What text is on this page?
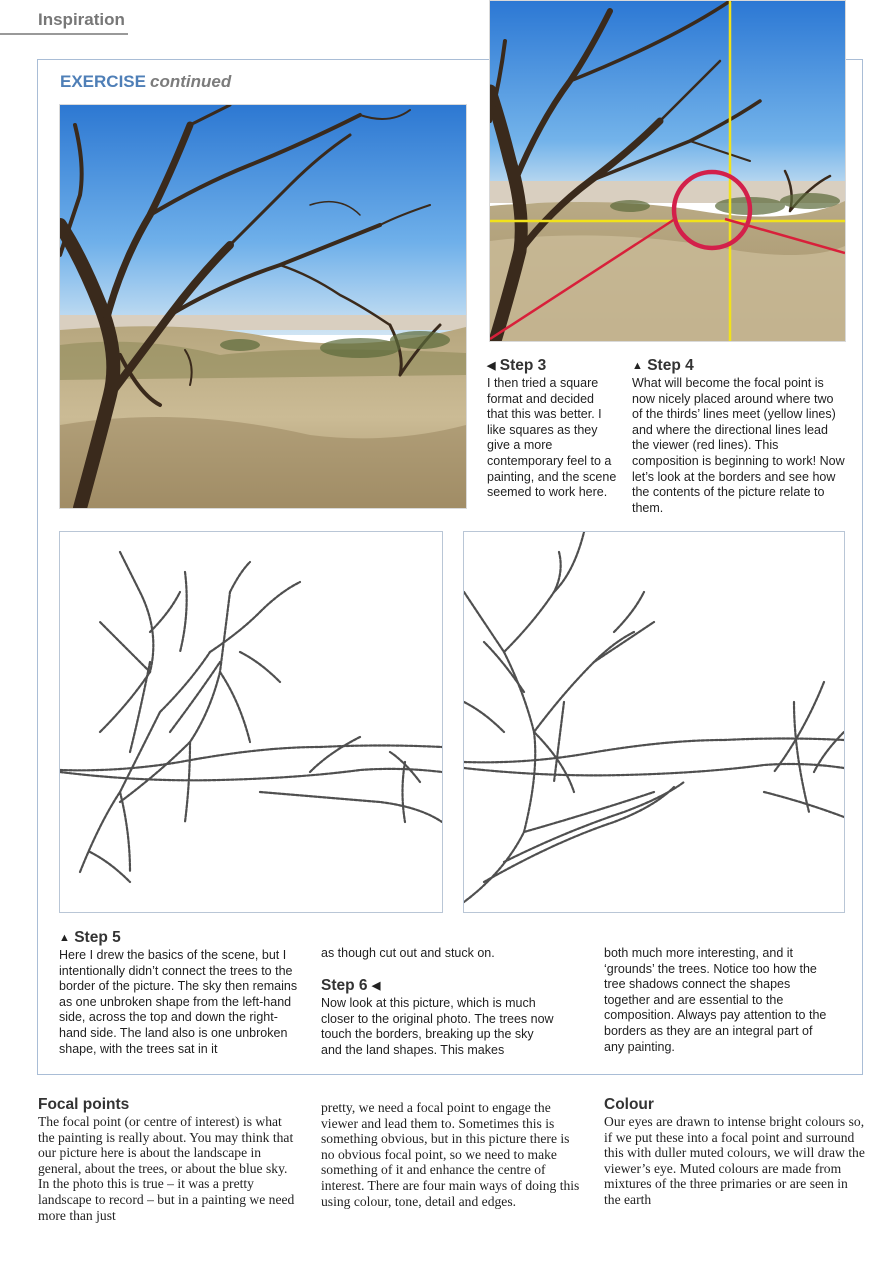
Inspiration
EXERCISE continued
◀ Step 3
I then tried a square format and decided that this was better. I like squares as they give a more contemporary feel to a painting, and the scene seemed to work here.
▲ Step 4
What will become the focal point is now nicely placed around where two of the thirds’ lines meet (yellow lines) and where the directional lines lead the viewer (red lines). This composition is beginning to work! Now let’s look at the borders and see how the contents of the picture relate to them.
▲ Step 5
Here I drew the basics of the scene, but I intentionally didn’t connect the trees to the border of the picture. The sky then remains as one unbroken shape from the left-hand side, across the top and down the right-hand side. The land also is one unbroken shape, with the trees sat in it
as though cut out and stuck on.
Step 6 ◀
Now look at this picture, which is much closer to the original photo. The trees now touch the borders, breaking up the sky and the land shapes. This makes
both much more interesting, and it ‘grounds’ the trees. Notice too how the tree shadows connect the shapes together and are essential to the composition. Always pay attention to the borders as they are an integral part of any painting.
Focal points
The focal point (or centre of interest) is what the painting is really about. You may think that our picture here is about the landscape in general, about the trees, or about the blue sky. In the photo this is true – it was a pretty landscape to record – but in a painting we need more than just
pretty, we need a focal point to engage the viewer and lead them to. Sometimes this is something obvious, but in this picture there is no obvious focal point, so we need to make something of it and enhance the centre of interest. There are four main ways of doing this using colour, tone, detail and edges.
Colour
Our eyes are drawn to intense bright colours so, if we put these into a focal point and surround this with duller muted colours, we will draw the viewer’s eye. Muted colours are made from mixtures of the three primaries or are seen in the earth
